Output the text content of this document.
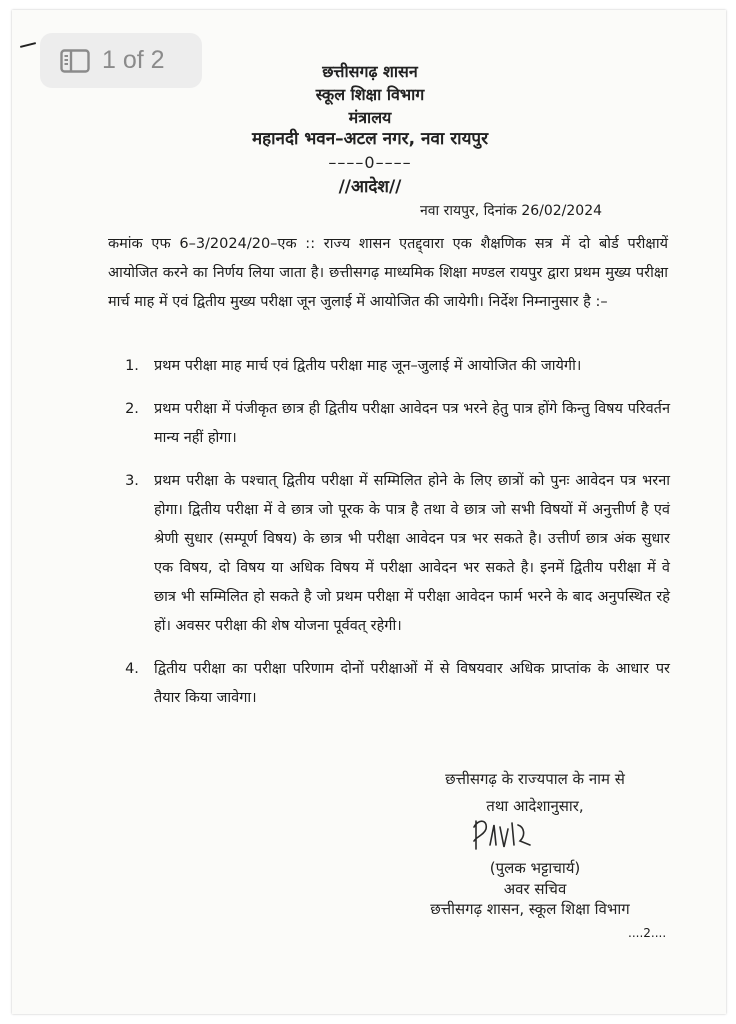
1 of 2	छत्तीसगढ़ शासन
स्कूल शिक्षा विभाग
मंत्रालय
महानदी भवन–अटल नगर, नवा रायपुर
––––0––––
//आदेश//
नवा रायपुर, दिनांक 26/02/2024
कमांक एफ 6–3/2024/20–एक :: राज्य शासन एतद्द्वारा एक शैक्षणिक सत्र में दो बोर्ड परीक्षायें आयोजित करने का निर्णय लिया जाता है। छत्तीसगढ़ माध्यमिक शिक्षा मण्डल रायपुर द्वारा प्रथम मुख्य परीक्षा मार्च माह में एवं द्वितीय मुख्य परीक्षा जून जुलाई में आयोजित की जायेगी। निर्देश निम्नानुसार है :–
1.	प्रथम परीक्षा माह मार्च एवं द्वितीय परीक्षा माह जून–जुलाई में आयोजित की जायेगी।
2.	प्रथम परीक्षा में पंजीकृत छात्र ही द्वितीय परीक्षा आवेदन पत्र भरने हेतु पात्र होंगे किन्तु विषय परिवर्तन मान्य नहीं होगा।
3.	प्रथम परीक्षा के पश्चात् द्वितीय परीक्षा में सम्मिलित होने के लिए छात्रों को पुनः आवेदन पत्र भरना होगा। द्वितीय परीक्षा में वे छात्र जो पूरक के पात्र है तथा वे छात्र जो सभी विषयों में अनुत्तीर्ण है एवं श्रेणी सुधार (सम्पूर्ण विषय) के छात्र भी परीक्षा आवेदन पत्र भर सकते है। उत्तीर्ण छात्र अंक सुधार एक विषय, दो विषय या अधिक विषय में परीक्षा आवेदन भर सकते है। इनमें द्वितीय परीक्षा में वे छात्र भी सम्मिलित हो सकते है जो प्रथम परीक्षा में परीक्षा आवेदन फार्म भरने के बाद अनुपस्थित रहे हों। अवसर परीक्षा की शेष योजना पूर्ववत् रहेगी।
4.	द्वितीय परीक्षा का परीक्षा परिणाम दोनों परीक्षाओं में से विषयवार अधिक प्राप्तांक के आधार पर तैयार किया जावेगा।
छत्तीसगढ़ के राज्यपाल के नाम से
तथा आदेशानुसार,
(पुलक भट्टाचार्य)
अवर सचिव
छत्तीसगढ़ शासन, स्कूल शिक्षा विभाग
....2....
